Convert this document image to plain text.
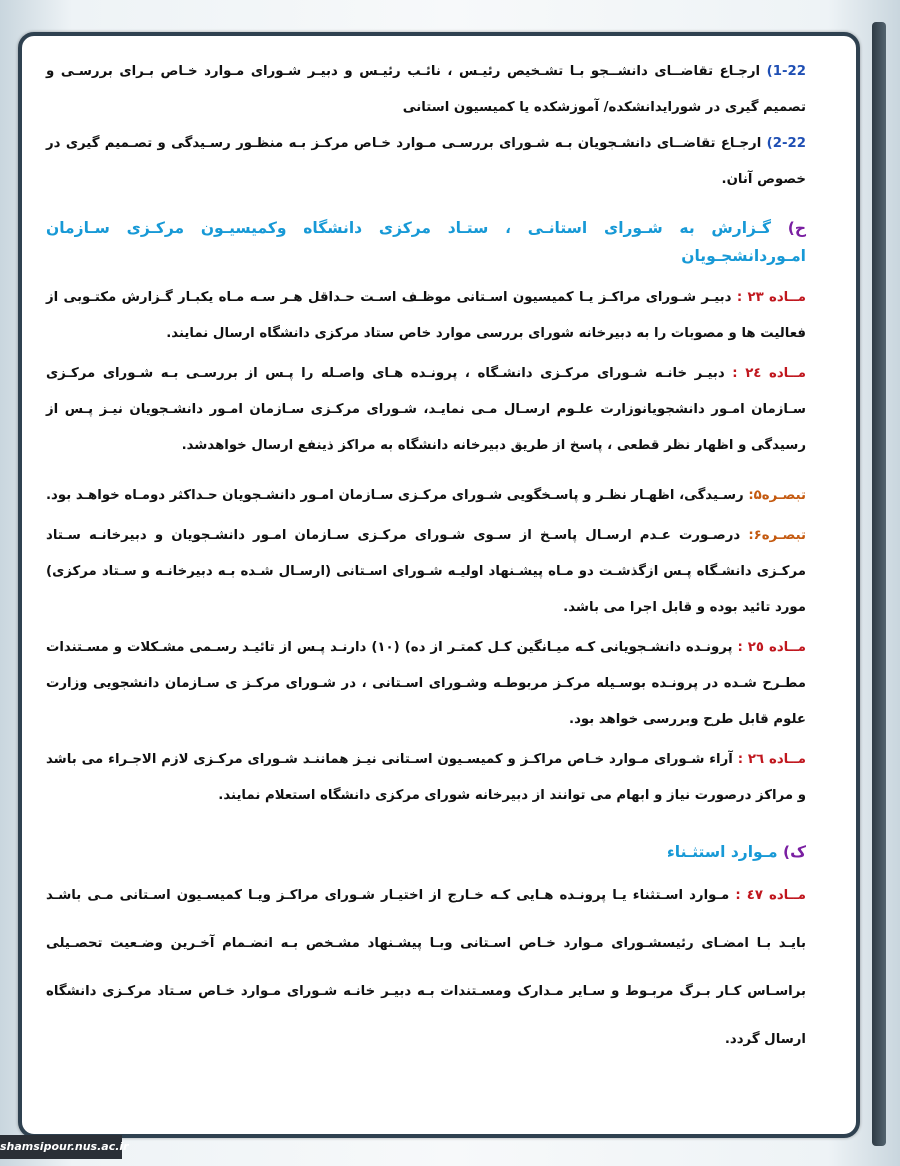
1-22) ارجـاع تقاضــای دانشــجو بـا تشـخیص رئیـس ، نائـب رئیـس و دبیـر شـورای مـوارد خـاص بـرای بررسـی و تصمیم گیری در شورایدانشکده/ آموزشکده یا کمیسیون استانی

2-22) ارجـاع تقاضــای دانشـجویان بـه شـورای بررسـی مـوارد خـاص مرکـز بـه منظـور رسـیدگی و تصـمیم گیری در خصوص آنان.

ح) گـزارش به شـورای استانـی ، ستـاد مرکزی دانشگاه وکمیسیـون مرکـزی سـازمان امـوردانشجـویان

مــاده ٢٣ : دبیـر شـورای مراکـز یـا کمیسیون اسـتانی موظـف اسـت حـداقل هـر سـه مـاه یکبـار گـزارش مکتـوبی از فعالیت ها و مصوبات را به دبیرخانه شورای بررسی موارد خاص ستاد مرکزی دانشگاه ارسال نمایند.

مــاده ٢٤ : دبیـر خانـه شـورای مرکـزی دانشـگاه ، پرونـده هـای واصـله را پـس از بررسـی بـه شـورای مرکـزی سـازمان امـور دانشجویانوزارت علـوم ارسـال مـی نمایـد، شـورای مرکـزی سـازمان امـور دانشـجویان نیـز پـس از رسیدگی و اظهار نظر قطعی ، پاسخ از طریق دبیرخانه دانشگاه به مراکز ذینفع ارسال خواهدشد.

تبصـره۵: رسـیدگی، اظهـار نظـر و پاسـخگویی شـورای مرکـزی سـازمان امـور دانشـجویان حـداکثر دومـاه خواهـد بود.

تبصـره۶: درصـورت عـدم ارسـال پاسـخ از سـوی شـورای مرکـزی سـازمان امـور دانشـجویان و دبیرخانـه سـتاد مرکـزی دانشـگاه پـس ازگذشـت دو مـاه پیشـنهاد اولیـه شـورای اسـتانی (ارسـال شـده بـه دبیرخانـه و سـتاد مرکزی) مورد تائید بوده و قابل اجرا می باشد.

مــاده ٢٥ : پرونـده دانشـجویانی کـه میـانگین کـل کمتـر از ده) (١٠) دارنـد پـس از تائیـد رسـمی مشـکلات و مسـتندات مطـرح شـده در پرونـده بوسـیله مرکـز مربوطـه وشـورای اسـتانی ، در شـورای مرکـز ی سـازمان دانشجویی وزارت علوم قابل طرح وبررسی خواهد بود.

مــاده ٢٦ : آراء شـورای مـوارد خـاص مراکـز و کمیسـیون اسـتانی نیـز هماننـد شـورای مرکـزی لازم الاجـراء می باشد و مراکز درصورت نیاز و ابهام می توانند از دبیرخانه شورای مرکزی دانشگاه استعلام نمایند.

ک) مـوارد استثـناء

مــاده ٤٧ : مـوارد اسـتثناء یـا پرونـده هـایی کـه خـارج از اختیـار شـورای مراکـز ویـا کمیسـیون اسـتانی مـی باشـد بایـد بـا امضـای رئیسشـورای مـوارد خـاص اسـتانی وبـا پیشـنهاد مشـخص بـه انضـمام آخـرین وضـعیت تحصـیلی براسـاس کـار بـرگ مربـوط و سـایر مـدارک ومسـتندات بـه دبیـر خانـه شـورای مـوارد خـاص سـتاد مرکـزی دانشگاه ارسال گردد.

shamsipour.nus.ac.ir
